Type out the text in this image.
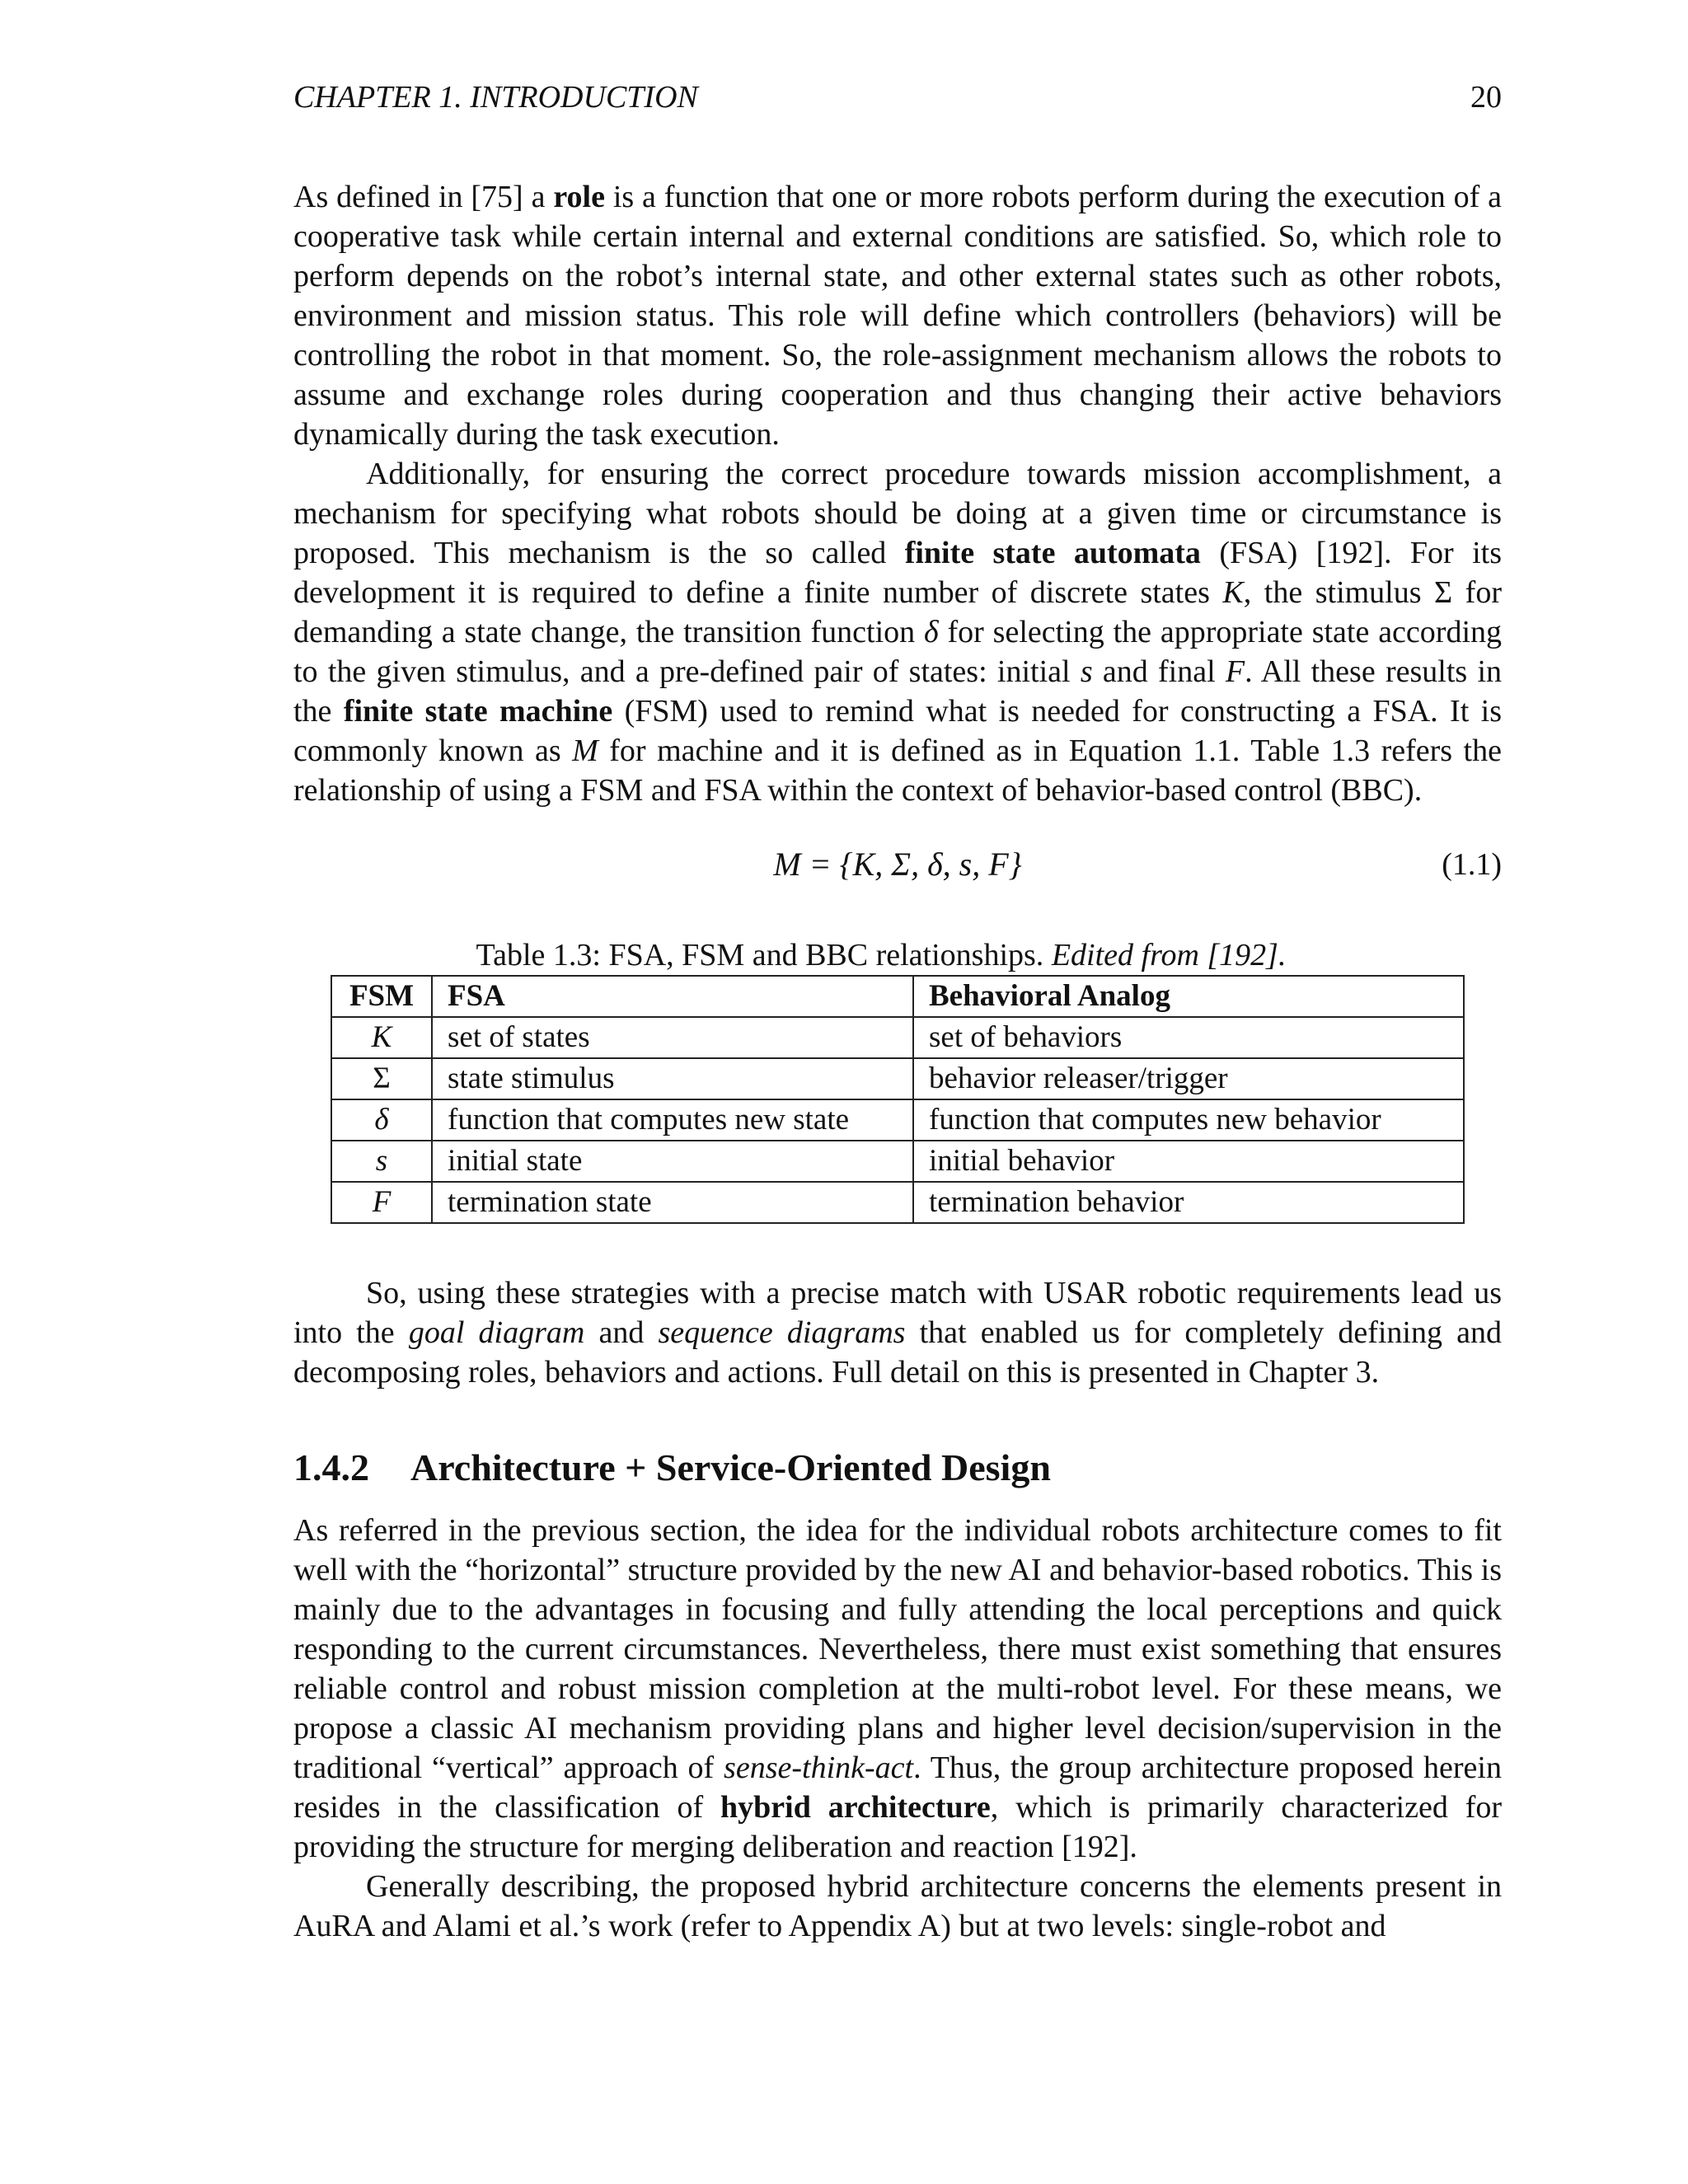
CHAPTER 1. INTRODUCTION	20

As defined in [75] a role is a function that one or more robots perform during the execution of a cooperative task while certain internal and external conditions are satisfied. So, which role to perform depends on the robot’s internal state, and other external states such as other robots, environment and mission status. This role will define which controllers (behaviors) will be controlling the robot in that moment. So, the role-assignment mechanism allows the robots to assume and exchange roles during cooperation and thus changing their active behaviors dynamically during the task execution.

Additionally, for ensuring the correct procedure towards mission accomplishment, a mechanism for specifying what robots should be doing at a given time or circumstance is proposed. This mechanism is the so called finite state automata (FSA) [192]. For its development it is required to define a finite number of discrete states K, the stimulus Σ for demanding a state change, the transition function δ for selecting the appropriate state according to the given stimulus, and a pre-defined pair of states: initial s and final F. All these results in the finite state machine (FSM) used to remind what is needed for constructing a FSA. It is commonly known as M for machine and it is defined as in Equation 1.1. Table 1.3 refers the relationship of using a FSM and FSA within the context of behavior-based control (BBC).

M = {K, Σ, δ, s, F}	(1.1)
Table 1.3: FSA, FSM and BBC relationships. Edited from [192].
FSM	FSA	Behavioral Analog
K	set of states	set of behaviors
Σ	state stimulus	behavior releaser/trigger
δ	function that computes new state	function that computes new behavior
s	initial state	initial behavior
F	termination state	termination behavior

So, using these strategies with a precise match with USAR robotic requirements lead us into the goal diagram and sequence diagrams that enabled us for completely defining and decomposing roles, behaviors and actions. Full detail on this is presented in Chapter 3.

1.4.2 Architecture + Service-Oriented Design

As referred in the previous section, the idea for the individual robots architecture comes to fit well with the “horizontal” structure provided by the new AI and behavior-based robotics. This is mainly due to the advantages in focusing and fully attending the local perceptions and quick responding to the current circumstances. Nevertheless, there must exist something that ensures reliable control and robust mission completion at the multi-robot level. For these means, we propose a classic AI mechanism providing plans and higher level decision/supervision in the traditional “vertical” approach of sense-think-act. Thus, the group architecture proposed herein resides in the classification of hybrid architecture, which is primarily characterized for providing the structure for merging deliberation and reaction [192].

Generally describing, the proposed hybrid architecture concerns the elements present in AuRA and Alami et al.’s work (refer to Appendix A) but at two levels: single-robot and
